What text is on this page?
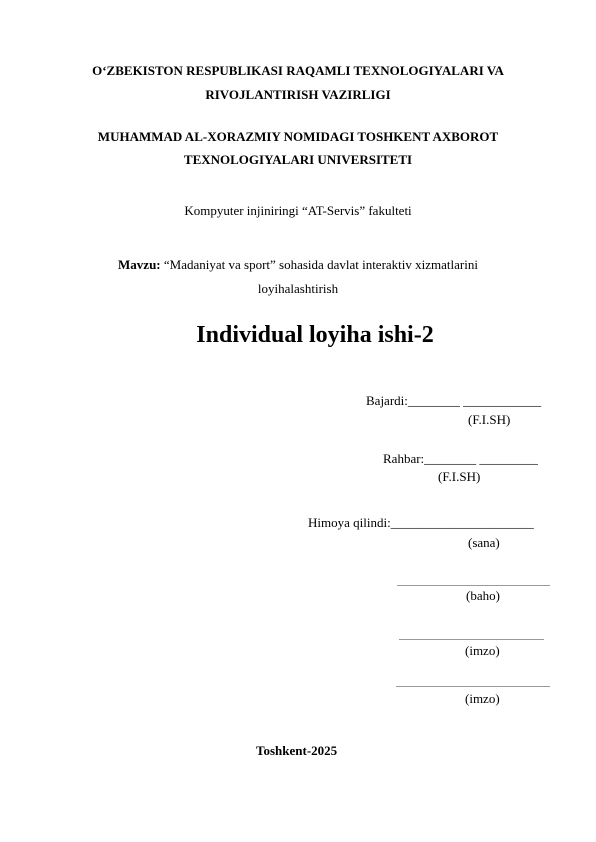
O‘ZBEKISTON RESPUBLIKASI RAQAMLI TEXNOLOGIYALARI VA
RIVOJLANTIRISH VAZIRLIGI
MUHAMMAD AL-XORAZMIY NOMIDAGI TOSHKENT AXBOROT
TEXNOLOGIYALARI UNIVERSITETI
Kompyuter injiniringi “AT-Servis” fakulteti
Mavzu: “Madaniyat va sport” sohasida davlat interaktiv xizmatlarini
loyihalashtirish
Individual loyiha ishi-2
Bajardi:________ ____________
(F.I.SH)
Rahbar:________ _________
(F.I.SH)
Himoya qilindi:______________________
(sana)
(baho)
(imzo)
(imzo)
Toshkent-2025
